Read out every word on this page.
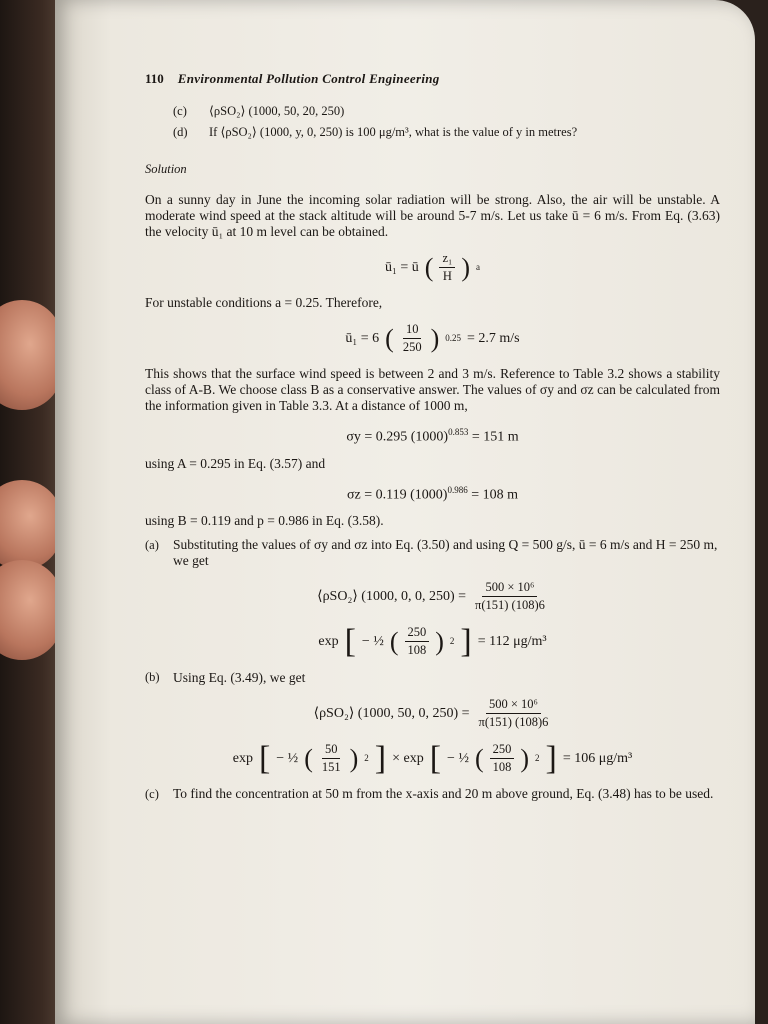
110 Environmental Pollution Control Engineering
(c)	⟨ρSO₂⟩ (1000, 50, 20, 250)
(d)	If ⟨ρSO₂⟩ (1000, y, 0, 250) is 100 μg/m³, what is the value of y in metres?
Solution

On a sunny day in June the incoming solar radiation will be strong. Also, the air will be unstable. A moderate wind speed at the stack altitude will be around 5-7 m/s. Let us take ū = 6 m/s. From Eq. (3.63) the velocity ū₁ at 10 m level can be obtained.

ū₁ = ū ( $\frac{\text{z₁}}{H}$ ) a

For unstable conditions a = 0.25. Therefore,

ū₁ = 6 ( $\frac{10}{250}$ ) 0.25 = 2.7 m/s

This shows that the surface wind speed is between 2 and 3 m/s. Reference to Table 3.2 shows a stability class of A-B. We choose class B as a conservative answer. The values of σy and σz can be calculated from the information given in Table 3.3. At a distance of 1000 m,

σy = 0.295 $(1000)^{0.853} = 151$ m

using A = 0.295 in Eq. (3.57) and

σz = 0.119 $(1000)^{0.986} = 108$ m

using B = 0.119 and p = 0.986 in Eq. (3.58).

(a)	Substituting the values of σy and σz into Eq. (3.50) and using Q = 500 g/s, ū = 6 m/s and H = 250 m, we get
⟨ρSO₂⟩ (1000, 0, 0, $250) = \frac{\text{500 × 10⁶}}{\pi(151) (108)6}$
exp [ − ½ ( $\frac{250}{108}$ ) 2 ] = 112 μg/m³
(b) Using Eq. (3.49), we get
⟨ρSO₂⟩ (1000, 50, 0, $250) = \frac{\text{500 × 10⁶}}{\pi(151) (108)6}$
exp [ − ½ ( $\frac{50}{151}$ ) 2 ] × exp [ − ½ ( $\frac{250}{108}$ ) 2 ] = 106 μg/m³
(c)	To find the concentration at 50 m from the x-axis and 20 m above ground, Eq. (3.48) has to be used.
